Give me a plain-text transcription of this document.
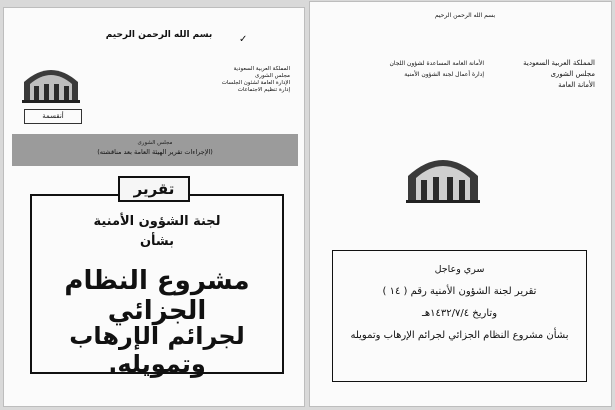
بسم الله الرحمن الرحيم	✓
المملكة العربية السعودية
مجلس الشورى
الإدارة العامة لشئون الجلسات
إدارة تنظيم الاجتماعات
أنقسمة
مجلس الشورى
(الإجراءات تقرير الهيئة العامة بعد مناقشته)
تقرير
لجنة الشؤون الأمنية
بشأن
مشروع النظام الجزائي
لجرائم الإرهاب وتمويله.
بسم الله الرحمن الرحيم
المملكة العربية السعودية
مجلس الشورى
الأمانة العامة
الأمانة العامة المساعدة لشؤون اللجان
إدارة أعمال لجنة الشؤون الأمنية
سري وعاجل
تقرير لجنة الشؤون الأمنية رقم ( ١٤ )
وتاريخ ١٤٣٢/٧/٤هـ
بشأن مشروع النظام الجزائي لجرائم الإرهاب وتمويله
